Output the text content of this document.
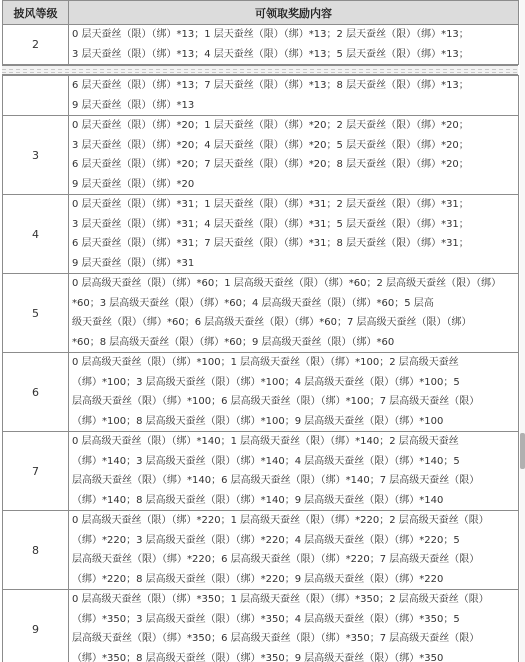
披风等级	可领取奖励内容
2	0 层天蚕丝（限）（绑）*13；1 层天蚕丝（限）（绑）*13；2 层天蚕丝（限）（绑）*13；
3 层天蚕丝（限）（绑）*13；4 层天蚕丝（限）（绑）*13；5 层天蚕丝（限）（绑）*13；

	6 层天蚕丝（限）（绑）*13；7 层天蚕丝（限）（绑）*13；8 层天蚕丝（限）（绑）*13；
9 层天蚕丝（限）（绑）*13

3	0 层天蚕丝（限）（绑）*20；1 层天蚕丝（限）（绑）*20；2 层天蚕丝（限）（绑）*20；
3 层天蚕丝（限）（绑）*20；4 层天蚕丝（限）（绑）*20；5 层天蚕丝（限）（绑）*20；
6 层天蚕丝（限）（绑）*20；7 层天蚕丝（限）（绑）*20；8 层天蚕丝（限）（绑）*20；
9 层天蚕丝（限）（绑）*20

4	0 层天蚕丝（限）（绑）*31；1 层天蚕丝（限）（绑）*31；2 层天蚕丝（限）（绑）*31；
3 层天蚕丝（限）（绑）*31；4 层天蚕丝（限）（绑）*31；5 层天蚕丝（限）（绑）*31；
6 层天蚕丝（限）（绑）*31；7 层天蚕丝（限）（绑）*31；8 层天蚕丝（限）（绑）*31；
9 层天蚕丝（限）（绑）*31

5	0 层高级天蚕丝（限）（绑）*60；1 层高级天蚕丝（限）（绑）*60；2 层高级天蚕丝（限）（绑）
*60；3 层高级天蚕丝（限）（绑）*60；4 层高级天蚕丝（限）（绑）*60；5 层高
级天蚕丝（限）（绑）*60；6 层高级天蚕丝（限）（绑）*60；7 层高级天蚕丝（限）（绑）
*60；8 层高级天蚕丝（限）（绑）*60；9 层高级天蚕丝（限）（绑）*60

6	0 层高级天蚕丝（限）（绑）*100；1 层高级天蚕丝（限）（绑）*100；2 层高级天蚕丝
（绑）*100；3 层高级天蚕丝（限）（绑）*100；4 层高级天蚕丝（限）（绑）*100；5
层高级天蚕丝（限）（绑）*100；6 层高级天蚕丝（限）（绑）*100；7 层高级天蚕丝（限）
（绑）*100；8 层高级天蚕丝（限）（绑）*100；9 层高级天蚕丝（限）（绑）*100

7	0 层高级天蚕丝（限）（绑）*140；1 层高级天蚕丝（限）（绑）*140；2 层高级天蚕丝
（绑）*140；3 层高级天蚕丝（限）（绑）*140；4 层高级天蚕丝（限）（绑）*140；5
层高级天蚕丝（限）（绑）*140；6 层高级天蚕丝（限）（绑）*140；7 层高级天蚕丝（限）
（绑）*140；8 层高级天蚕丝（限）（绑）*140；9 层高级天蚕丝（限）（绑）*140

8	0 层高级天蚕丝（限）（绑）*220；1 层高级天蚕丝（限）（绑）*220；2 层高级天蚕丝（限）
（绑）*220；3 层高级天蚕丝（限）（绑）*220；4 层高级天蚕丝（限）（绑）*220；5
层高级天蚕丝（限）（绑）*220；6 层高级天蚕丝（限）（绑）*220；7 层高级天蚕丝（限）
（绑）*220；8 层高级天蚕丝（限）（绑）*220；9 层高级天蚕丝（限）（绑）*220

9	0 层高级天蚕丝（限）（绑）*350；1 层高级天蚕丝（限）（绑）*350；2 层高级天蚕丝（限）
（绑）*350；3 层高级天蚕丝（限）（绑）*350；4 层高级天蚕丝（限）（绑）*350；5
层高级天蚕丝（限）（绑）*350；6 层高级天蚕丝（限）（绑）*350；7 层高级天蚕丝（限）
（绑）*350；8 层高级天蚕丝（限）（绑）*350；9 层高级天蚕丝（限）（绑）*350
